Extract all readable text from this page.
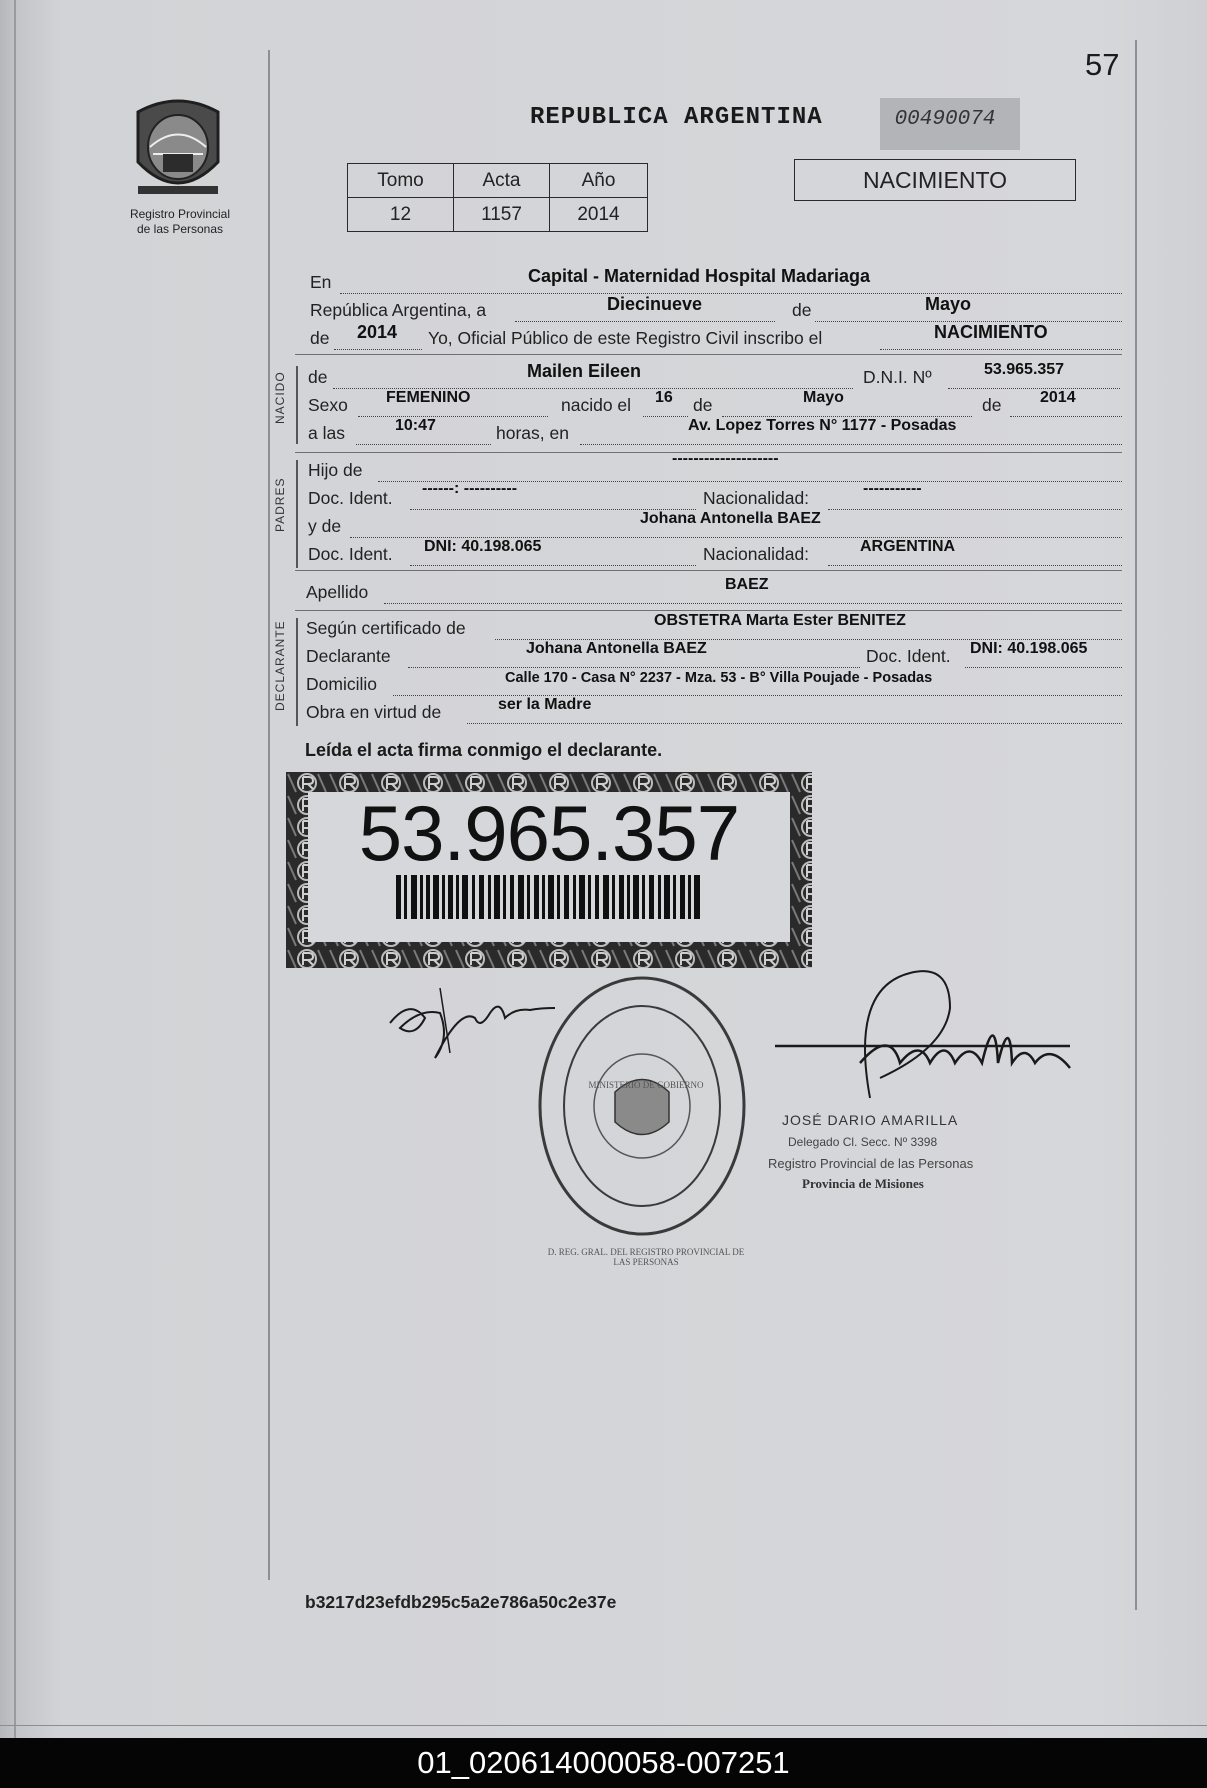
57
Registro Provincial
de las Personas
REPUBLICA ARGENTINA	00490074
Tomo	Acta	Año
12	1157	2014
NACIMIENTO
En	Capital - Maternidad Hospital Madariaga
República Argentina, a	Diecinueve	de	Mayo
de 2014 Yo, Oficial Público de este Registro Civil inscribo el	NACIMIENTO
NACIDO de	Mailen Eileen	D.N.I. Nº	53.965.357
Sexo FEMENINO	nacido el 16 de	Mayo	de 2014
a las	10:47	horas, en	Av. Lopez Torres N° 1177 - Posadas
PADRES
Hijo de
--------------------
Doc. Ident. ------: ----------	Nacionalidad:	-----------
y de	Johana Antonella BAEZ
Doc. Ident. DNI: 40.198.065	Nacionalidad:	ARGENTINA
Apellido	BAEZ
DECLARANTE Según certificado de	OBSTETRA Marta Ester BENITEZ
Declarante	Johana Antonella BAEZ	Doc. Ident. DNI: 40.198.065
Domicilio	Calle 170 - Casa N° 2237 - Mza. 53 - B° Villa Poujade - Posadas
Obra en virtud de	ser la Madre
Leída el acta firma conmigo el declarante.
53.965.357
D. REG. GRAL. DEL REGISTRO PROVINCIAL DE LAS PERSONAS
MINISTERIO DE GOBIERNO
JOSÉ DARIO AMARILLA
Delegado Cl. Secc. Nº 3398
Registro Provincial de las Personas
Provincia de Misiones
b3217d23efdb295c5a2e786a50c2e37e
01_020614000058-007251
